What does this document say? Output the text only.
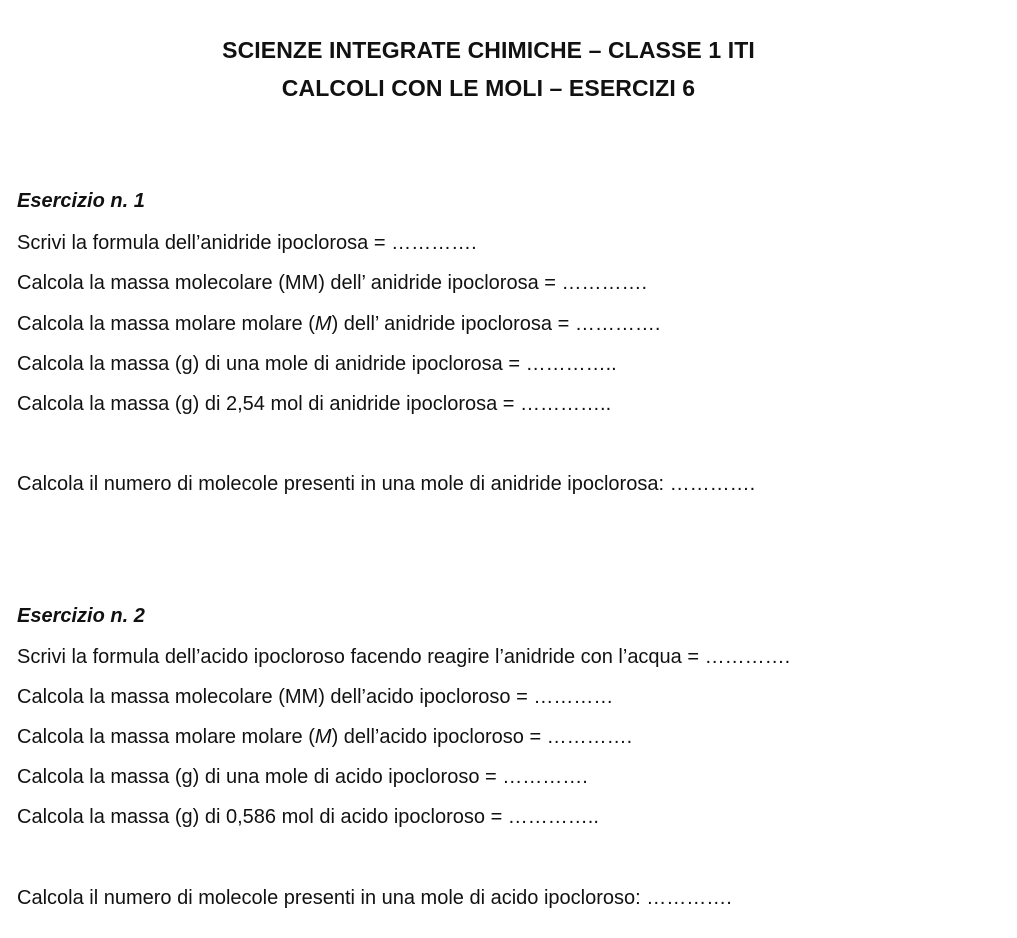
SCIENZE INTEGRATE CHIMICHE – CLASSE 1 ITI
CALCOLI CON LE MOLI – ESERCIZI 6
Esercizio n. 1
Scrivi la formula dell’anidride ipoclorosa = ………….
Calcola la massa molecolare (MM) dell’ anidride ipoclorosa = ………….
Calcola la massa molare molare (M) dell’ anidride ipoclorosa = ………….
Calcola la massa (g) di una mole di anidride ipoclorosa = …………..
Calcola la massa (g) di 2,54 mol di anidride ipoclorosa = …………..
Calcola il numero di molecole presenti in una mole di anidride ipoclorosa: ………….
Esercizio n. 2
Scrivi la formula dell’acido ipocloroso facendo reagire l’anidride con l’acqua = ………….
Calcola la massa molecolare (MM) dell’acido ipocloroso = …………
Calcola la massa molare molare (M) dell’acido ipocloroso = ………….
Calcola la massa (g) di una mole di acido ipocloroso = ………….
Calcola la massa (g) di 0,586 mol di acido ipocloroso = …………..
Calcola il numero di molecole presenti in una mole di acido ipocloroso: ………….
